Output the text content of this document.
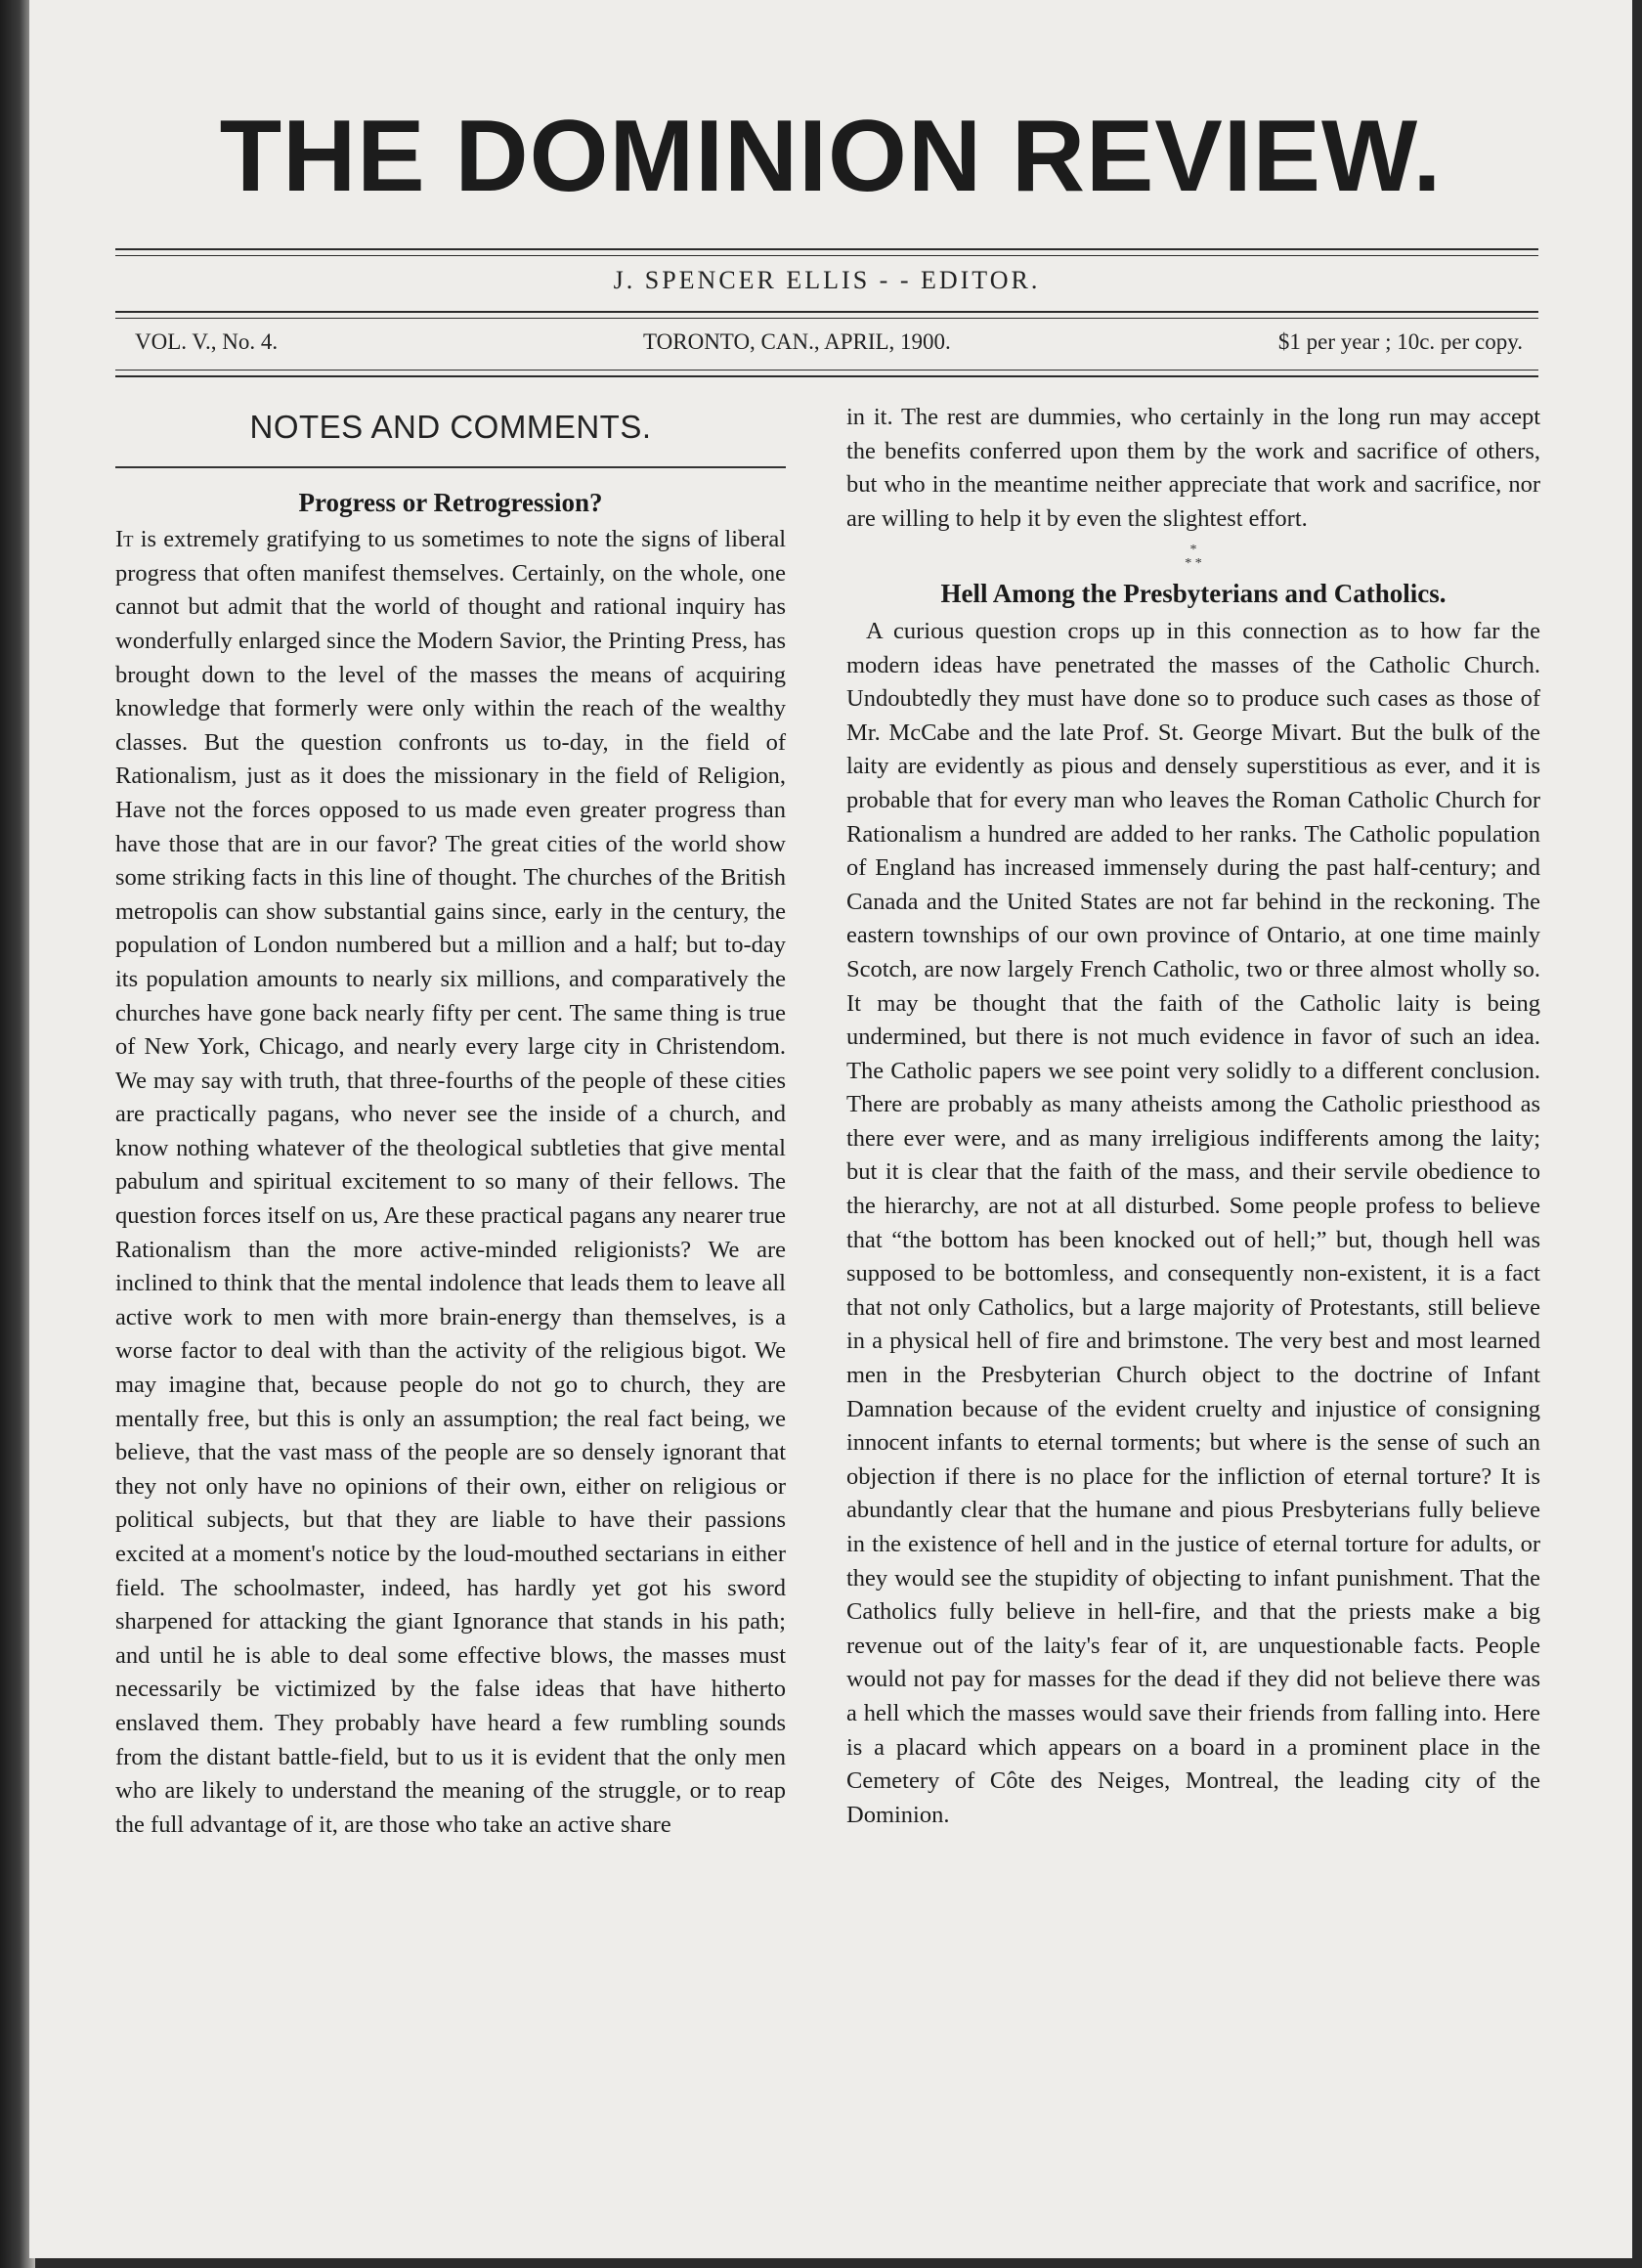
THE DOMINION REVIEW.
J. SPENCER ELLIS - - EDITOR.
VOL. V., No. 4.	TORONTO, CAN., APRIL, 1900.	$1 per year ; 10c. per copy.
NOTES AND COMMENTS.
Progress or Retrogression?

It is extremely gratifying to us sometimes to note the signs of liberal progress that often manifest themselves. Certainly, on the whole, one cannot but admit that the world of thought and rational inquiry has wonderfully enlarged since the Modern Savior, the Printing Press, has brought down to the level of the masses the means of acquiring knowledge that formerly were only within the reach of the wealthy classes. But the question confronts us to-day, in the field of Rationalism, just as it does the missionary in the field of Religion, Have not the forces opposed to us made even greater progress than have those that are in our favor? The great cities of the world show some striking facts in this line of thought. The churches of the British metropolis can show substantial gains since, early in the century, the population of London numbered but a million and a half; but to-day its population amounts to nearly six millions, and comparatively the churches have gone back nearly fifty per cent. The same thing is true of New York, Chicago, and nearly every large city in Christendom. We may say with truth, that three-fourths of the people of these cities are practically pagans, who never see the inside of a church, and know nothing whatever of the theological subtleties that give mental pabulum and spiritual excitement to so many of their fellows. The question forces itself on us, Are these practical pagans any nearer true Rationalism than the more active-minded religionists? We are inclined to think that the mental indolence that leads them to leave all active work to men with more brain-energy than themselves, is a worse factor to deal with than the activity of the religious bigot. We may imagine that, because people do not go to church, they are mentally free, but this is only an assumption; the real fact being, we believe, that the vast mass of the people are so densely ignorant that they not only have no opinions of their own, either on religious or political subjects, but that they are liable to have their passions excited at a moment's notice by the loud-mouthed sectarians in either field. The schoolmaster, indeed, has hardly yet got his sword sharpened for attacking the giant Ignorance that stands in his path; and until he is able to deal some effective blows, the masses must necessarily be victimized by the false ideas that have hitherto enslaved them. They probably have heard a few rumbling sounds from the distant battle-field, but to us it is evident that the only men who are likely to understand the meaning of the struggle, or to reap the full advantage of it, are those who take an active share

in it. The rest are dummies, who certainly in the long run may accept the benefits conferred upon them by the work and sacrifice of others, but who in the meantime neither appreciate that work and sacrifice, nor are willing to help it by even the slightest effort.

*
* *
Hell Among the Presbyterians and Catholics.

A curious question crops up in this connection as to how far the modern ideas have penetrated the masses of the Catholic Church. Undoubtedly they must have done so to produce such cases as those of Mr. McCabe and the late Prof. St. George Mivart. But the bulk of the laity are evidently as pious and densely superstitious as ever, and it is probable that for every man who leaves the Roman Catholic Church for Rationalism a hundred are added to her ranks. The Catholic population of England has increased immensely during the past half-century; and Canada and the United States are not far behind in the reckoning. The eastern townships of our own province of Ontario, at one time mainly Scotch, are now largely French Catholic, two or three almost wholly so. It may be thought that the faith of the Catholic laity is being undermined, but there is not much evidence in favor of such an idea. The Catholic papers we see point very solidly to a different conclusion. There are probably as many atheists among the Catholic priesthood as there ever were, and as many irreligious indifferents among the laity; but it is clear that the faith of the mass, and their servile obedience to the hierarchy, are not at all disturbed. Some people profess to believe that “the bottom has been knocked out of hell;” but, though hell was supposed to be bottomless, and consequently non-existent, it is a fact that not only Catholics, but a large majority of Protestants, still believe in a physical hell of fire and brimstone. The very best and most learned men in the Presbyterian Church object to the doctrine of Infant Damnation because of the evident cruelty and injustice of consigning innocent infants to eternal torments; but where is the sense of such an objection if there is no place for the infliction of eternal torture? It is abundantly clear that the humane and pious Presbyterians fully believe in the existence of hell and in the justice of eternal torture for adults, or they would see the stupidity of objecting to infant punishment. That the Catholics fully believe in hell-fire, and that the priests make a big revenue out of the laity's fear of it, are unquestionable facts. People would not pay for masses for the dead if they did not believe there was a hell which the masses would save their friends from falling into. Here is a placard which appears on a board in a prominent place in the Cemetery of Côte des Neiges, Montreal, the leading city of the Dominion.
